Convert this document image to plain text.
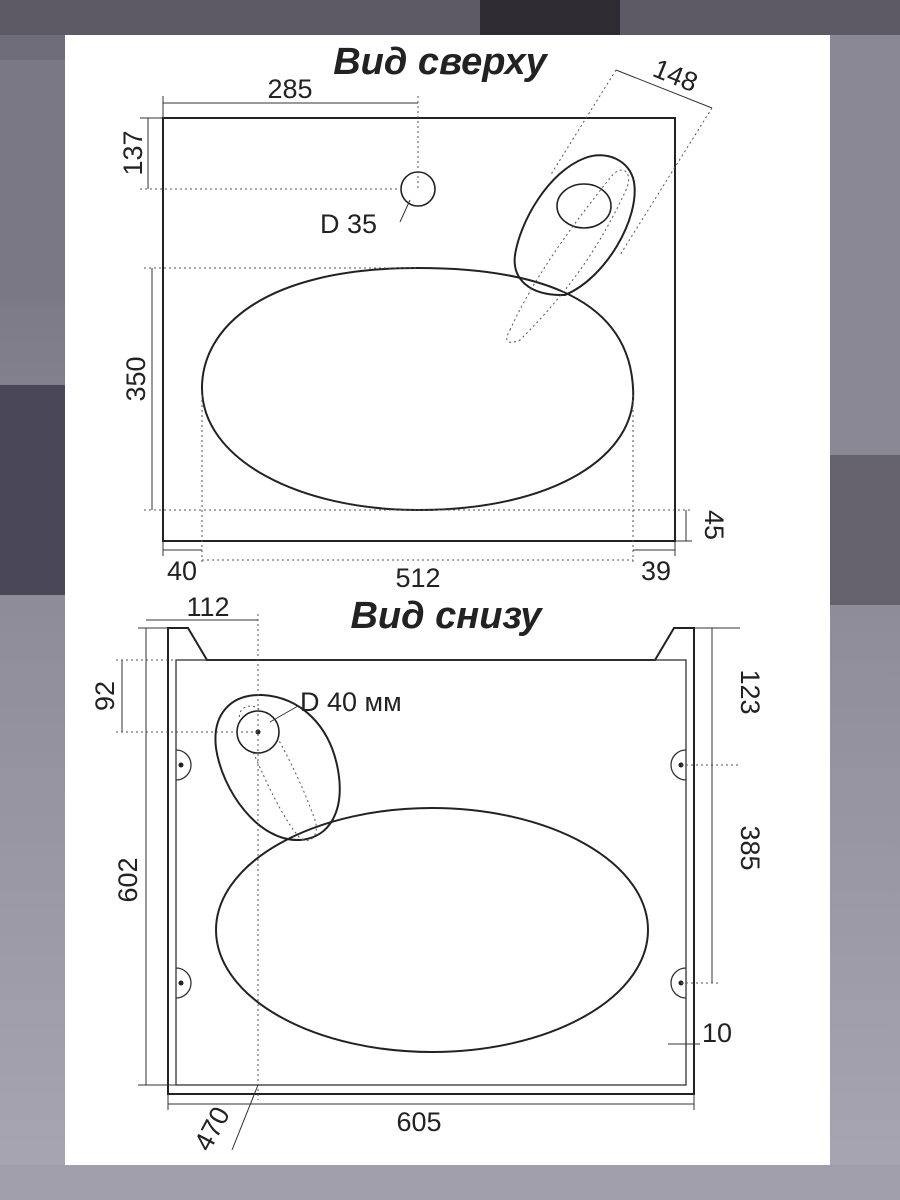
Вид сверху
D 35
285
137
148
350
45
40	512	39
Вид снизу
D 40 мм
112
92
602
123
385
10
605
470
